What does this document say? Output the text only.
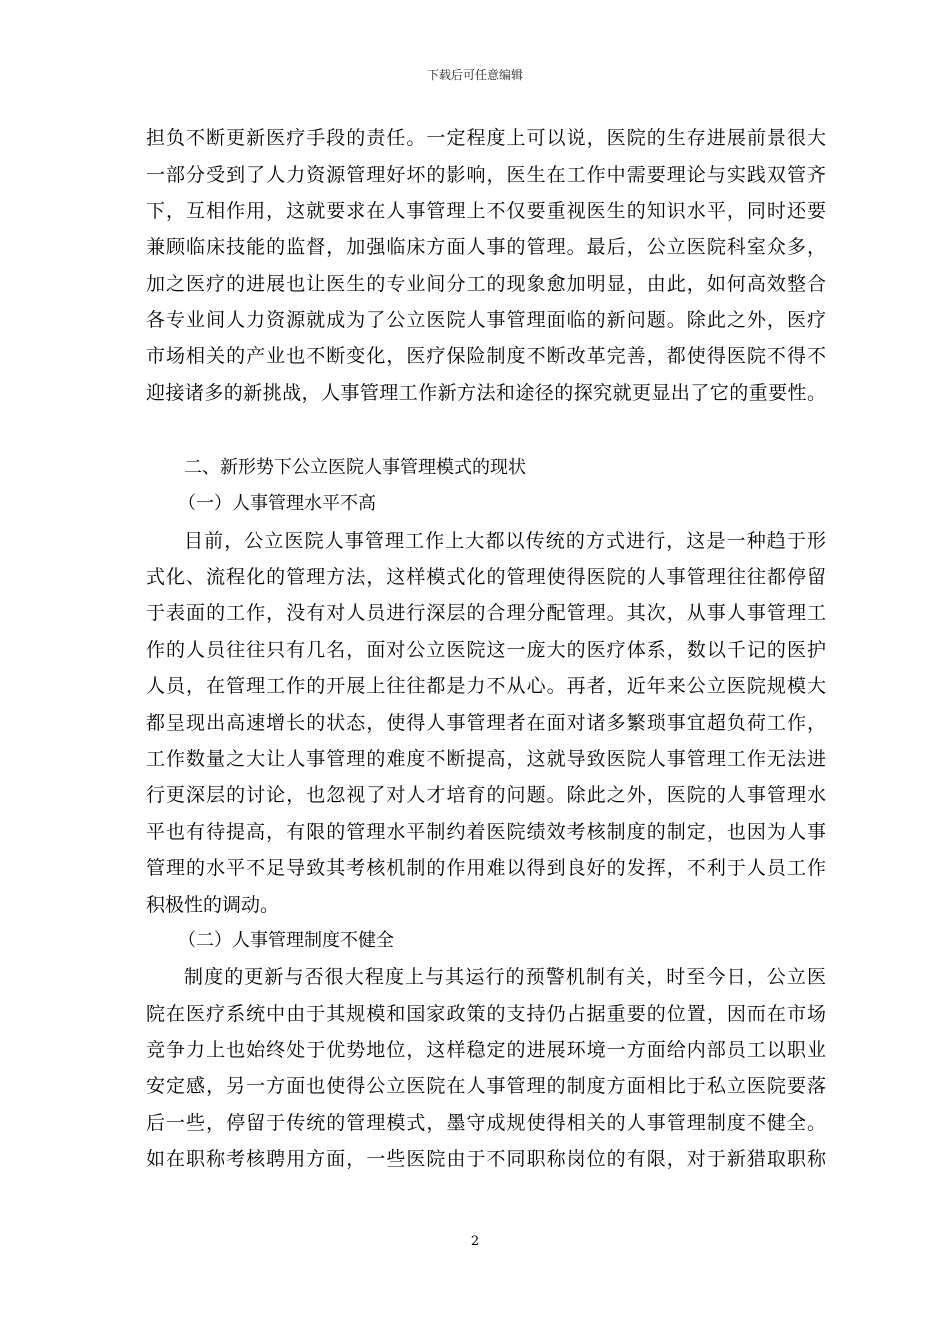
下载后可任意编辑
担负不断更新医疗手段的责任。一定程度上可以说，医院的生存进展前景很大
一部分受到了人力资源管理好坏的影响，医生在工作中需要理论与实践双管齐
下，互相作用，这就要求在人事管理上不仅要重视医生的知识水平，同时还要
兼顾临床技能的监督，加强临床方面人事的管理。最后，公立医院科室众多，
加之医疗的进展也让医生的专业间分工的现象愈加明显，由此，如何高效整合
各专业间人力资源就成为了公立医院人事管理面临的新问题。除此之外，医疗
市场相关的产业也不断变化，医疗保险制度不断改革完善，都使得医院不得不
迎接诸多的新挑战，人事管理工作新方法和途径的探究就更显出了它的重要性。
二、新形势下公立医院人事管理模式的现状
（一）人事管理水平不高
目前，公立医院人事管理工作上大都以传统的方式进行，这是一种趋于形
式化、流程化的管理方法，这样模式化的管理使得医院的人事管理往往都停留
于表面的工作，没有对人员进行深层的合理分配管理。其次，从事人事管理工
作的人员往往只有几名，面对公立医院这一庞大的医疗体系，数以千记的医护
人员，在管理工作的开展上往往都是力不从心。再者，近年来公立医院规模大
都呈现出高速增长的状态，使得人事管理者在面对诸多繁琐事宜超负荷工作，
工作数量之大让人事管理的难度不断提高，这就导致医院人事管理工作无法进
行更深层的讨论，也忽视了对人才培育的问题。除此之外，医院的人事管理水
平也有待提高，有限的管理水平制约着医院绩效考核制度的制定，也因为人事
管理的水平不足导致其考核机制的作用难以得到良好的发挥，不利于人员工作
积极性的调动。
（二）人事管理制度不健全
制度的更新与否很大程度上与其运行的预警机制有关，时至今日，公立医
院在医疗系统中由于其规模和国家政策的支持仍占据重要的位置，因而在市场
竞争力上也始终处于优势地位，这样稳定的进展环境一方面给内部员工以职业
安定感，另一方面也使得公立医院在人事管理的制度方面相比于私立医院要落
后一些，停留于传统的管理模式，墨守成规使得相关的人事管理制度不健全。
如在职称考核聘用方面，一些医院由于不同职称岗位的有限，对于新猎取职称
2
